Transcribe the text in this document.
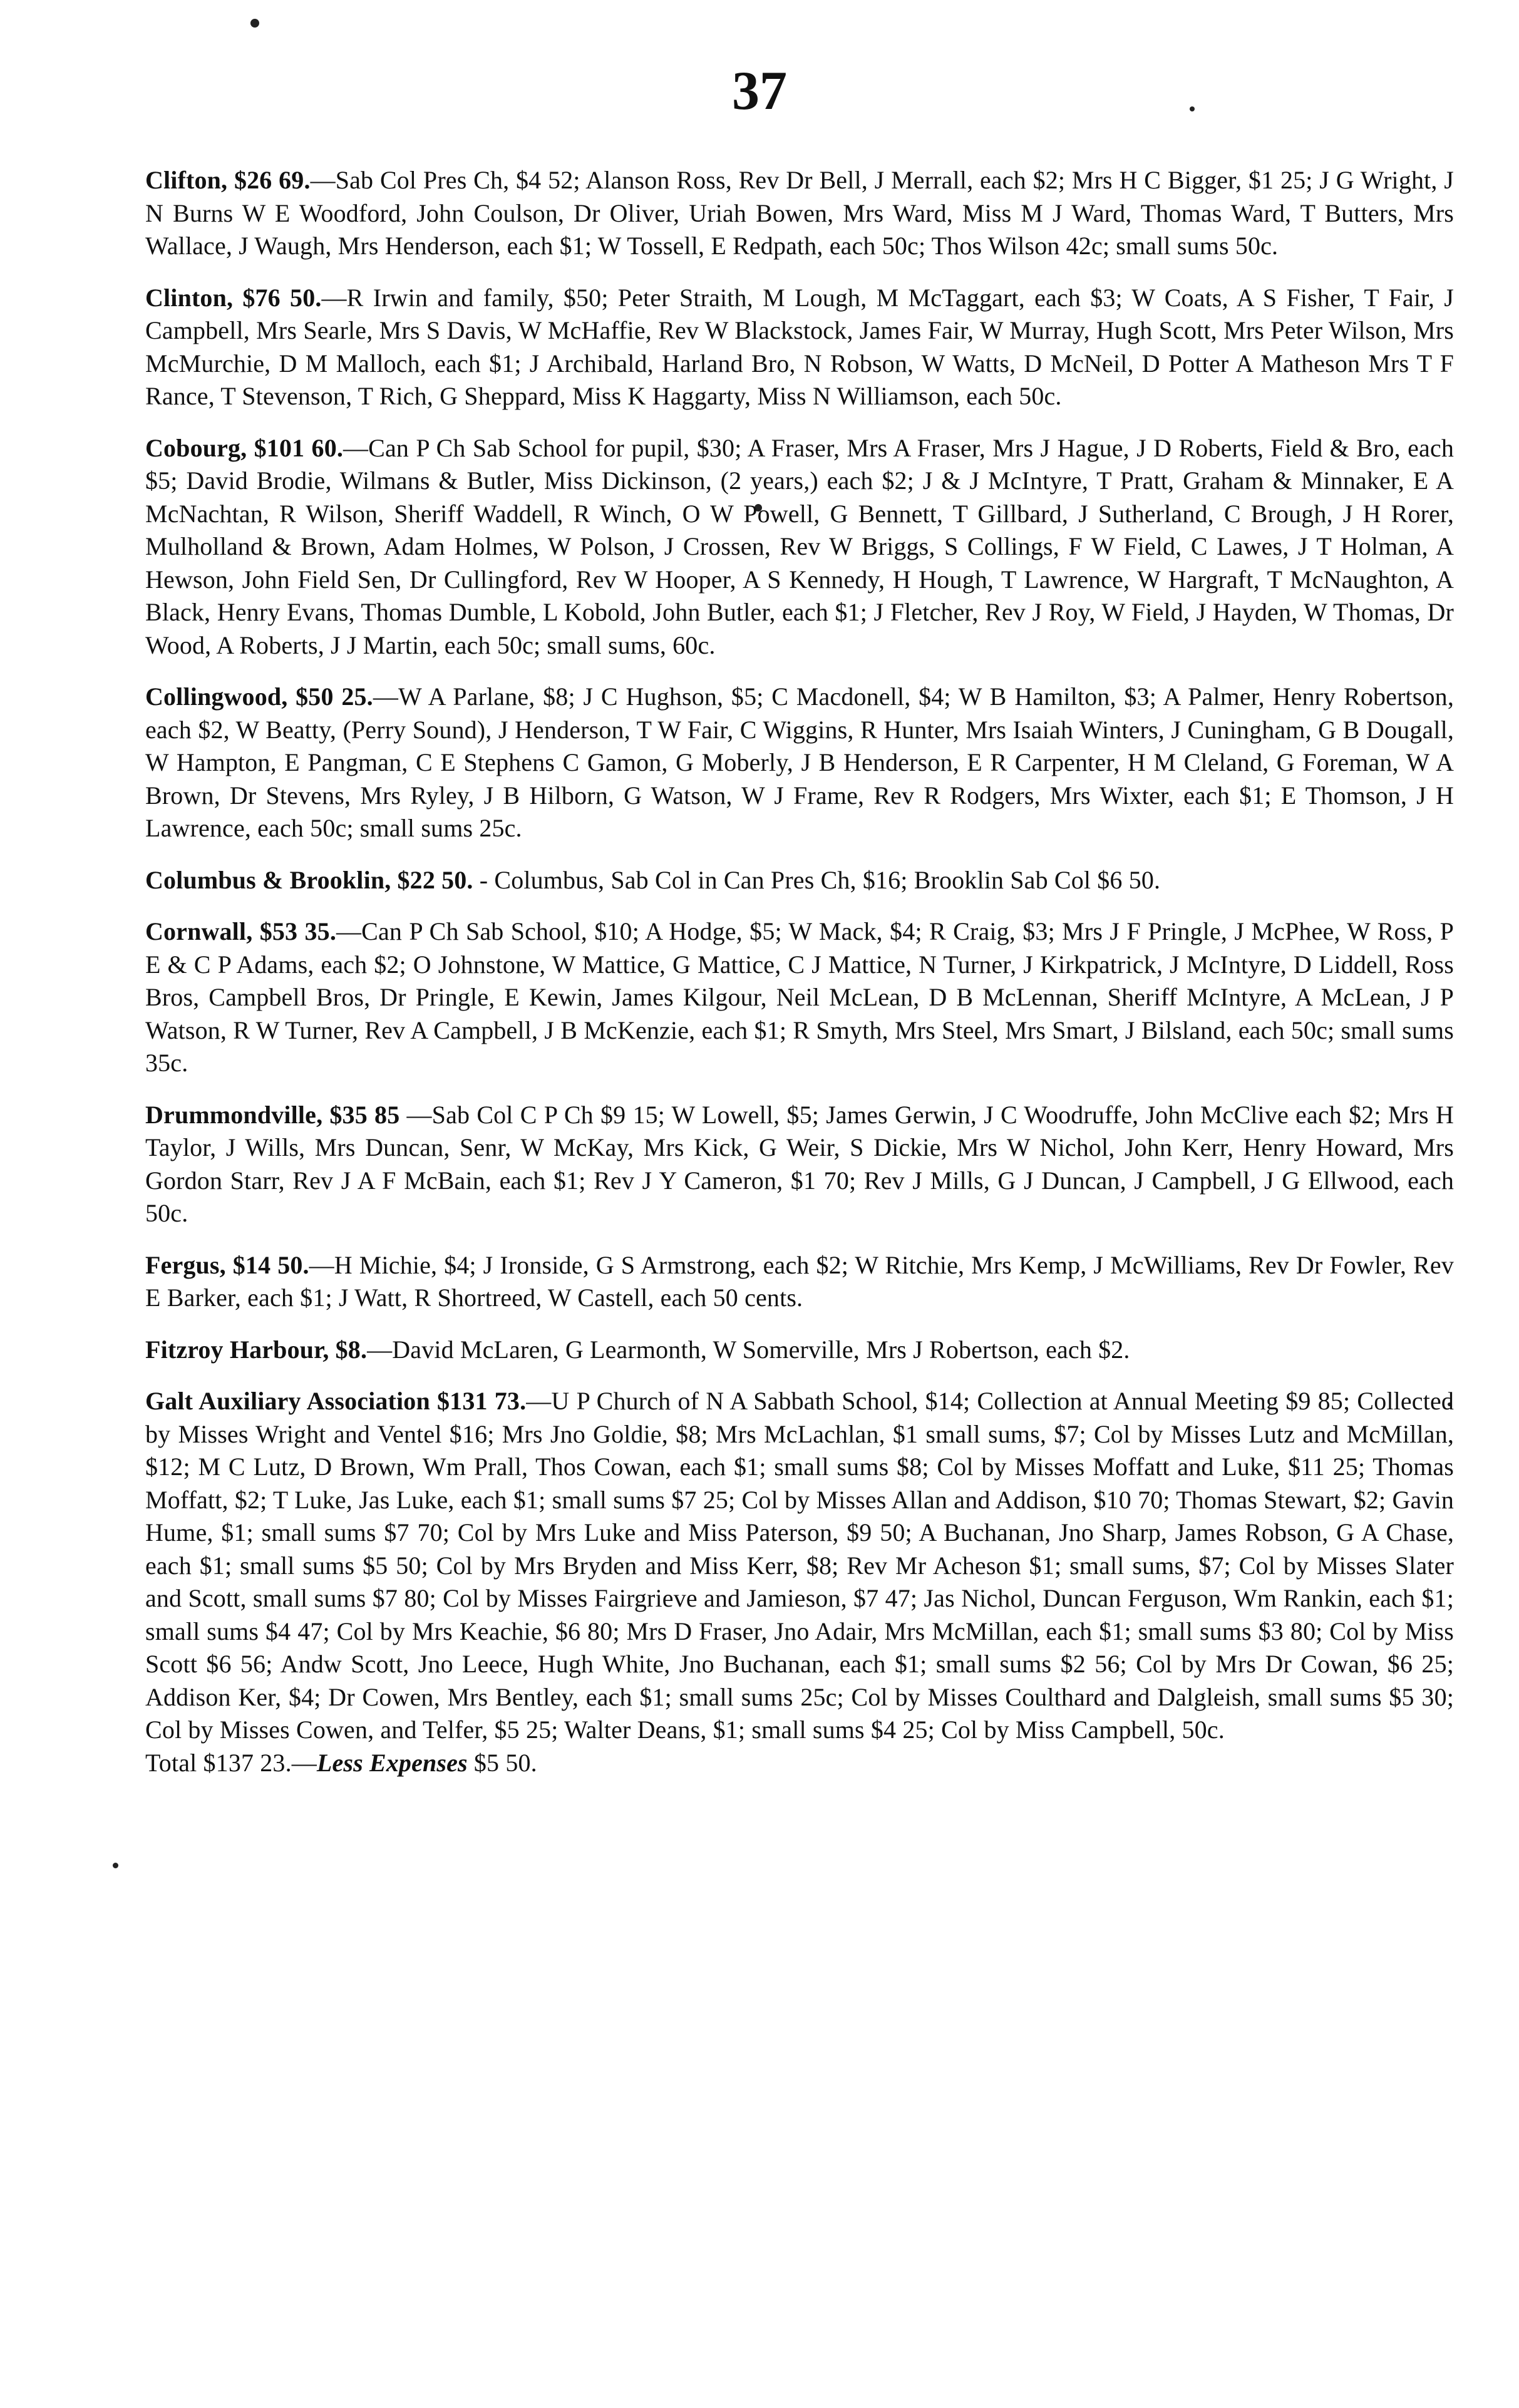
37

Clifton, $26 69.—Sab Col Pres Ch, $4 52; Alanson Ross, Rev Dr Bell, J Merrall, each $2; Mrs H C Bigger, $1 25; J G Wright, J N Burns W E Woodford, John Coulson, Dr Oliver, Uriah Bowen, Mrs Ward, Miss M J Ward, Thomas Ward, T Butters, Mrs Wallace, J Waugh, Mrs Henderson, each $1; W Tossell, E Redpath, each 50c; Thos Wilson 42c; small sums 50c.

Clinton, $76 50.—R Irwin and family, $50; Peter Straith, M Lough, M McTaggart, each $3; W Coats, A S Fisher, T Fair, J Campbell, Mrs Searle, Mrs S Davis, W McHaffie, Rev W Blackstock, James Fair, W Murray, Hugh Scott, Mrs Peter Wilson, Mrs McMurchie, D M Malloch, each $1; J Archibald, Harland Bro, N Robson, W Watts, D McNeil, D Potter A Matheson Mrs T F Rance, T Stevenson, T Rich, G Sheppard, Miss K Haggarty, Miss N Williamson, each 50c.

Cobourg, $101 60.—Can P Ch Sab School for pupil, $30; A Fraser, Mrs A Fraser, Mrs J Hague, J D Roberts, Field & Bro, each $5; David Brodie, Wilmans & Butler, Miss Dickinson, (2 years,) each $2; J & J McIntyre, T Pratt, Graham & Minnaker, E A McNachtan, R Wilson, Sheriff Waddell, R Winch, O W Powell, G Bennett, T Gillbard, J Sutherland, C Brough, J H Rorer, Mulholland & Brown, Adam Holmes, W Polson, J Crossen, Rev W Briggs, S Collings, F W Field, C Lawes, J T Holman, A Hewson, John Field Sen, Dr Cullingford, Rev W Hooper, A S Kennedy, H Hough, T Lawrence, W Hargraft, T McNaughton, A Black, Henry Evans, Thomas Dumble, L Kobold, John Butler, each $1; J Fletcher, Rev J Roy, W Field, J Hayden, W Thomas, Dr Wood, A Roberts, J J Martin, each 50c; small sums, 60c.

Collingwood, $50 25.—W A Parlane, $8; J C Hughson, $5; C Macdonell, $4; W B Hamilton, $3; A Palmer, Henry Robertson, each $2, W Beatty, (Perry Sound), J Henderson, T W Fair, C Wiggins, R Hunter, Mrs Isaiah Winters, J Cuningham, G B Dougall, W Hampton, E Pangman, C E Stephens C Gamon, G Moberly, J B Henderson, E R Carpenter, H M Cleland, G Foreman, W A Brown, Dr Stevens, Mrs Ryley, J B Hilborn, G Watson, W J Frame, Rev R Rodgers, Mrs Wixter, each $1; E Thomson, J H Lawrence, each 50c; small sums 25c.

Columbus & Brooklin, $22 50. - Columbus, Sab Col in Can Pres Ch, $16; Brooklin Sab Col $6 50.

Cornwall, $53 35.—Can P Ch Sab School, $10; A Hodge, $5; W Mack, $4; R Craig, $3; Mrs J F Pringle, J McPhee, W Ross, P E & C P Adams, each $2; O Johnstone, W Mattice, G Mattice, C J Mattice, N Turner, J Kirkpatrick, J McIntyre, D Liddell, Ross Bros, Campbell Bros, Dr Pringle, E Kewin, James Kilgour, Neil McLean, D B McLennan, Sheriff McIntyre, A McLean, J P Watson, R W Turner, Rev A Campbell, J B McKenzie, each $1; R Smyth, Mrs Steel, Mrs Smart, J Bilsland, each 50c; small sums 35c.

Drummondville, $35 85 —Sab Col C P Ch $9 15; W Lowell, $5; James Gerwin, J C Woodruffe, John McClive each $2; Mrs H Taylor, J Wills, Mrs Duncan, Senr, W McKay, Mrs Kick, G Weir, S Dickie, Mrs W Nichol, John Kerr, Henry Howard, Mrs Gordon Starr, Rev J A F McBain, each $1; Rev J Y Cameron, $1 70; Rev J Mills, G J Duncan, J Campbell, J G Ellwood, each 50c.

Fergus, $14 50.—H Michie, $4; J Ironside, G S Armstrong, each $2; W Ritchie, Mrs Kemp, J McWilliams, Rev Dr Fowler, Rev E Barker, each $1; J Watt, R Shortreed, W Castell, each 50 cents.

Fitzroy Harbour, $8.—David McLaren, G Learmonth, W Somerville, Mrs J Robertson, each $2.

Galt Auxiliary Association $131 73.—U P Church of N A Sabbath School, $14; Collection at Annual Meeting $9 85; Collected by Misses Wright and Ventel $16; Mrs Jno Goldie, $8; Mrs McLachlan, $1 small sums, $7; Col by Misses Lutz and McMillan, $12; M C Lutz, D Brown, Wm Prall, Thos Cowan, each $1; small sums $8; Col by Misses Moffatt and Luke, $11 25; Thomas Moffatt, $2; T Luke, Jas Luke, each $1; small sums $7 25; Col by Misses Allan and Addison, $10 70; Thomas Stewart, $2; Gavin Hume, $1; small sums $7 70; Col by Mrs Luke and Miss Paterson, $9 50; A Buchanan, Jno Sharp, James Robson, G A Chase, each $1; small sums $5 50; Col by Mrs Bryden and Miss Kerr, $8; Rev Mr Acheson $1; small sums, $7; Col by Misses Slater and Scott, small sums $7 80; Col by Misses Fairgrieve and Jamieson, $7 47; Jas Nichol, Duncan Ferguson, Wm Rankin, each $1; small sums $4 47; Col by Mrs Keachie, $6 80; Mrs D Fraser, Jno Adair, Mrs McMillan, each $1; small sums $3 80; Col by Miss Scott $6 56; Andw Scott, Jno Leece, Hugh White, Jno Buchanan, each $1; small sums $2 56; Col by Mrs Dr Cowan, $6 25; Addison Ker, $4; Dr Cowen, Mrs Bentley, each $1; small sums 25c; Col by Misses Coulthard and Dalgleish, small sums $5 30; Col by Misses Cowen, and Telfer, $5 25; Walter Deans, $1; small sums $4 25; Col by Miss Campbell, 50c.
Total $137 23.—Less Expenses $5 50.
